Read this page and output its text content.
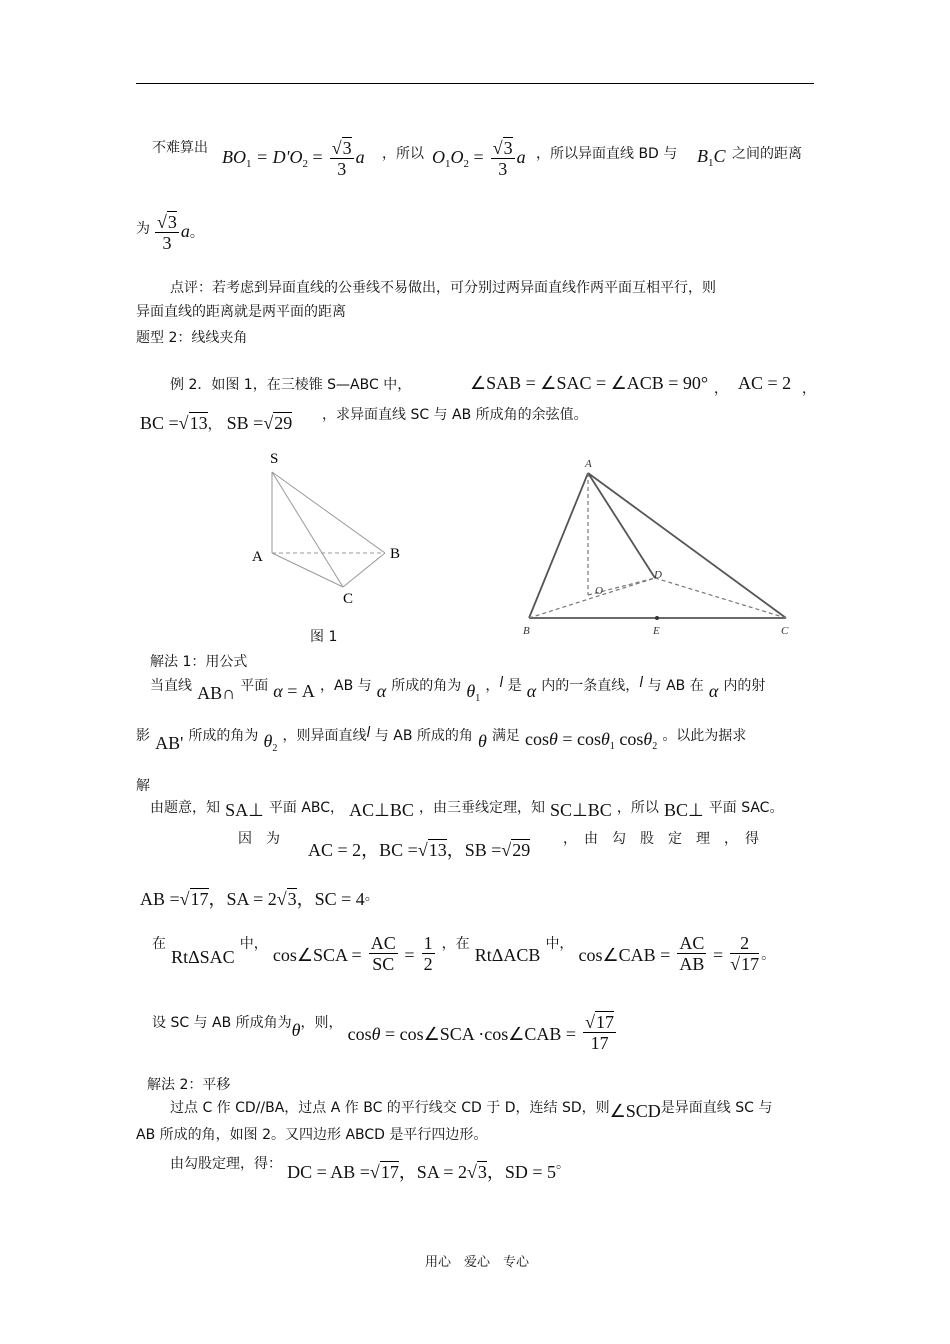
不难算出 $BO_1 = D'O_2 = \frac{√3}{3}$ a ，所以 $O_1O_2 = \frac{√3}{3}$ a ，所以异面直线 BD 与 $B_1C$ 之间的距离
为 $\frac{√3}{3}$ a。
点评：若考虑到异面直线的公垂线不易做出，可分别过两异面直线作两平面互相平行，则
异面直线的距离就是两平面的距离
题型 2：线线夹角
例 2．如图 1，在三棱锥 S—ABC 中，	∠SAB = ∠SAC = ∠ACB = 90° ， AC = 2 ，
BC =√13， SB =√29 ，求异面直线 SC 与 AB 所成角的余弦值。
S
A	B
C
图 1
A
O
D
B	E	C
解法 1：用公式
当直线 AB∩ 平面 α = A ，AB 与 α 所成的角为 $\theta_1$ ，l 是 α 内的一条直线，l 与 AB 在 α 内的射
影 AB' 所成的角为 $\theta_2$ ，则异面直线l 与 AB 所成的角 θ 满足 cosθ = cosθ$_1$ cosθ$_2$ 。以此为据求
解
由题意，知 SA⊥ 平面 ABC， AC⊥BC ，由三垂线定理，知 SC⊥BC ，所以 BC⊥ 平面 SAC。
因　为
AC = 2，BC =√13，SB =√29
，　由　勾　股　定　理　，　得
AB =√17，SA = 2√3，SC = 4。
在 RtΔSAC 中， cos∠SCA = $\frac{AC}{SC} = \frac{1}{2}$ ，在 RtΔACB 中， cos∠CAB = $\frac{AC}{AB} = \frac{2}{√17}$ 。
设 SC 与 AB 所成角为θ，则， cosθ = cos∠SCA ·cos∠CAB = $\frac{√17}{17}$
解法 2：平移
过点 C 作 CD//BA，过点 A 作 BC 的平行线交 CD 于 D，连结 SD，则∠SCD是异面直线 SC 与
AB 所成的角，如图 2。又四边形 ABCD 是平行四边形。
由勾股定理，得： DC = AB =√17，SA = 2√3，SD = 5。
用心　爱心　专心
